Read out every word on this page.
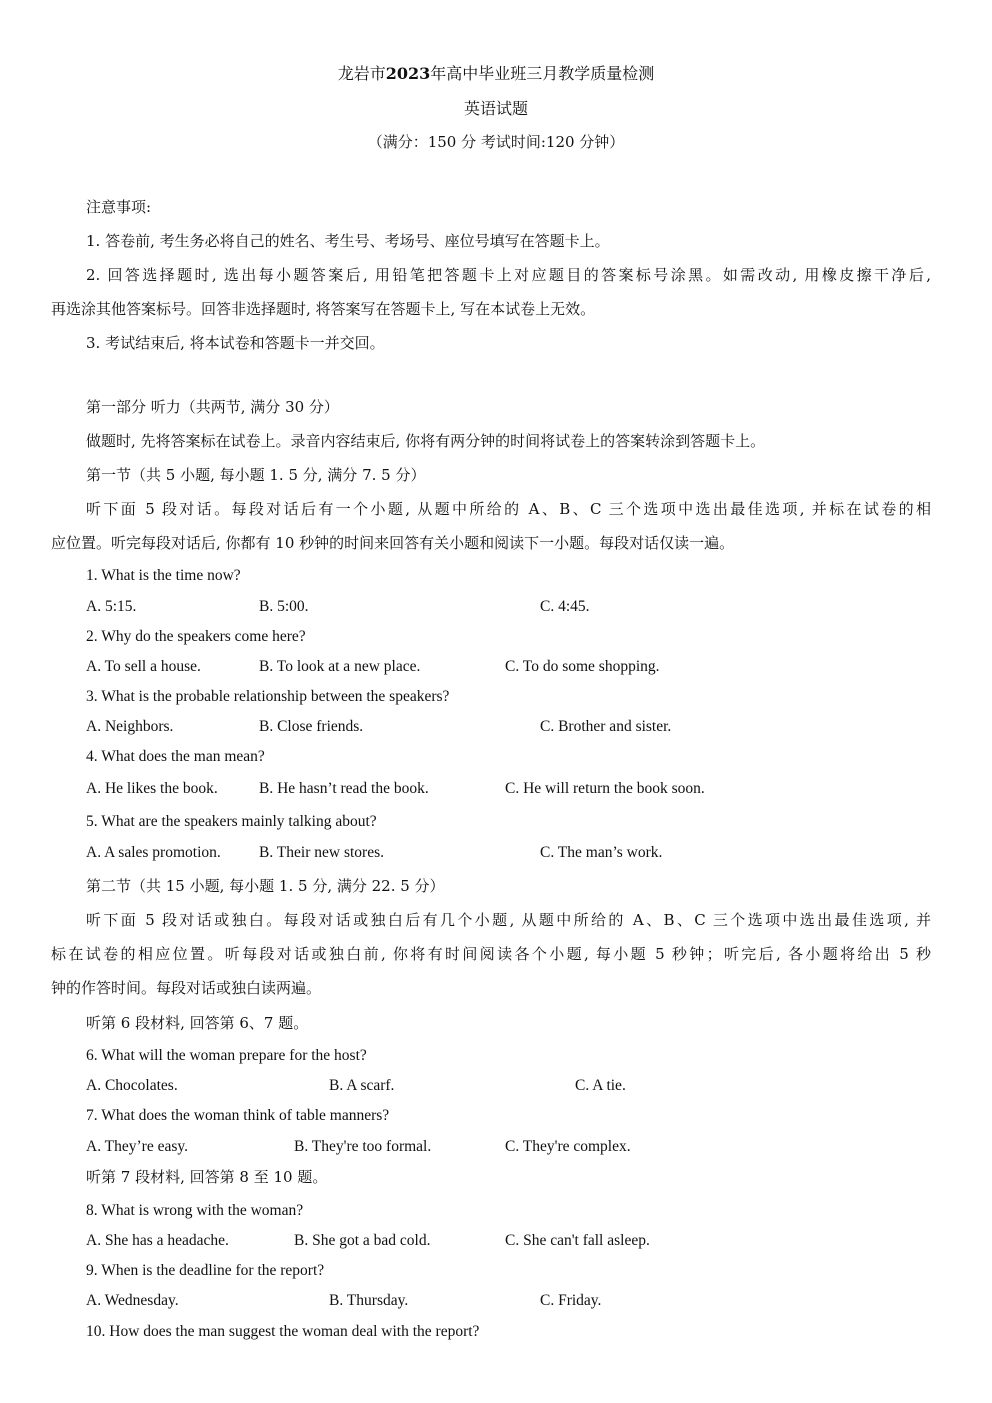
龙岩市2023年高中毕业班三月教学质量检测
英语试题
（满分：150 分 考试时间:120 分钟）
注意事项:
1. 答卷前, 考生务必将自己的姓名、考生号、考场号、座位号填写在答题卡上。
2. 回答选择题时, 选出每小题答案后, 用铅笔把答题卡上对应题目的答案标号涂黑。如需改动, 用橡皮擦干净后,
再选涂其他答案标号。回答非选择题时, 将答案写在答题卡上, 写在本试卷上无效。
3. 考试结束后, 将本试卷和答题卡一并交回。
第一部分 听力（共两节, 满分 30 分）
做题时, 先将答案标在试卷上。录音内容结束后, 你将有两分钟的时间将试卷上的答案转涂到答题卡上。
第一节（共 5 小题, 每小题 1. 5 分, 满分 7. 5 分）
听下面 5 段对话。每段对话后有一个小题, 从题中所给的 A、B、C 三个选项中选出最佳选项, 并标在试卷的相
应位置。听完每段对话后, 你都有 10 秒钟的时间来回答有关小题和阅读下一小题。每段对话仅读一遍。
1. What is the time now?
A. 5:15.	B. 5:00.	C. 4:45.
2. Why do the speakers come here?
A. To sell a house.	B. To look at a new place.	C. To do some shopping.
3. What is the probable relationship between the speakers?
A. Neighbors.	B. Close friends.	C. Brother and sister.
4. What does the man mean?
A. He likes the book.	B. He hasn’t read the book.	C. He will return the book soon.
5. What are the speakers mainly talking about?
A. A sales promotion. B. Their new stores.	C. The man’s work.
第二节（共 15 小题, 每小题 1. 5 分, 满分 22. 5 分）
听下面 5 段对话或独白。每段对话或独白后有几个小题, 从题中所给的 A、B、C 三个选项中选出最佳选项, 并
标在试卷的相应位置。听每段对话或独白前, 你将有时间阅读各个小题, 每小题 5 秒钟；听完后, 各小题将给出 5 秒
钟的作答时间。每段对话或独白读两遍。
听第 6 段材料, 回答第 6、7 题。
6. What will the woman prepare for the host?
A. Chocolates.	B. A scarf.	C. A tie.
7. What does the woman think of table manners?
A. They’re easy.	B. They're too formal.	C. They're complex.
听第 7 段材料, 回答第 8 至 10 题。
8. What is wrong with the woman?
A. She has a headache.	B. She got a bad cold.	C. She can't fall asleep.
9. When is the deadline for the report?
A. Wednesday.	B. Thursday.	C. Friday.
10. How does the man suggest the woman deal with the report?
